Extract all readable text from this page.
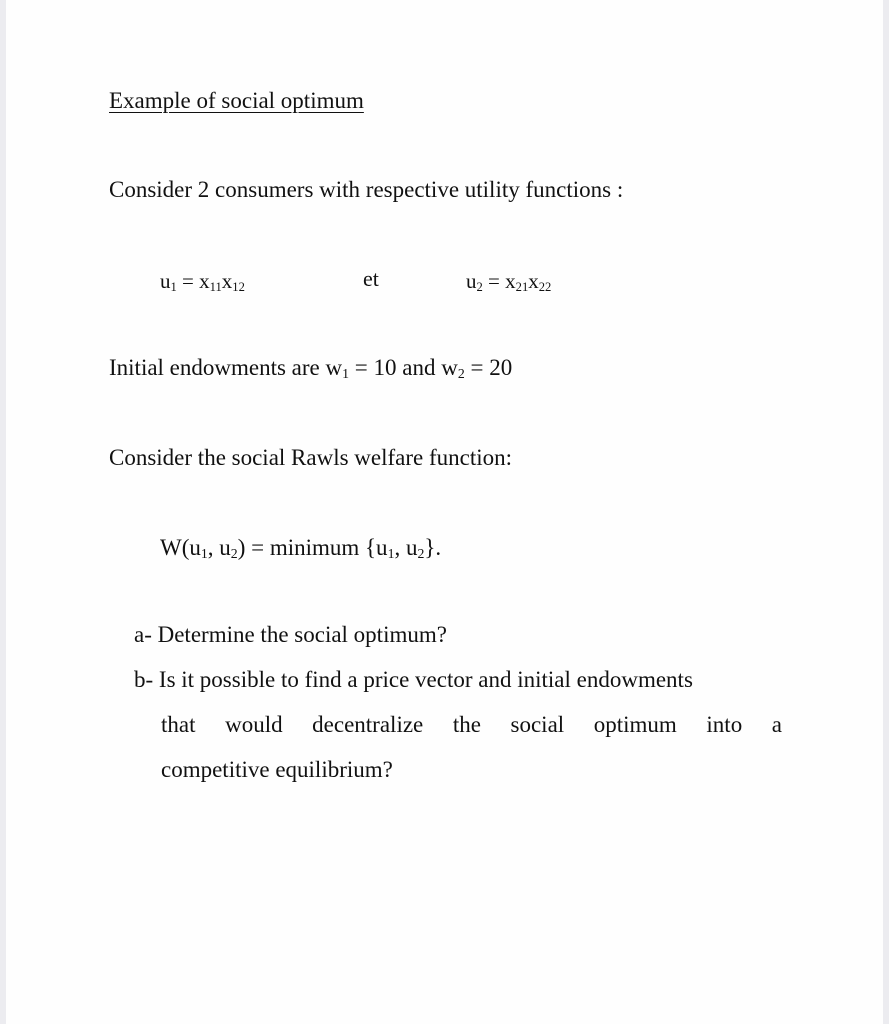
Example of social optimum
Consider 2 consumers with respective utility functions :
$u_1 = x_{11}x_{12}$	et	$u_2 = x_{21}x_{22}$
Initial endowments are $w_1 = 10$ and $w_2 = 20$
Consider the social Rawls welfare function:
$W(u_1$, $u_2$) = minimum {$u_1$, $u_2$}.
a- Determine the social optimum?
b- Is it possible to find a price vector and initial endowments
that would decentralize the social optimum into a
competitive equilibrium?
